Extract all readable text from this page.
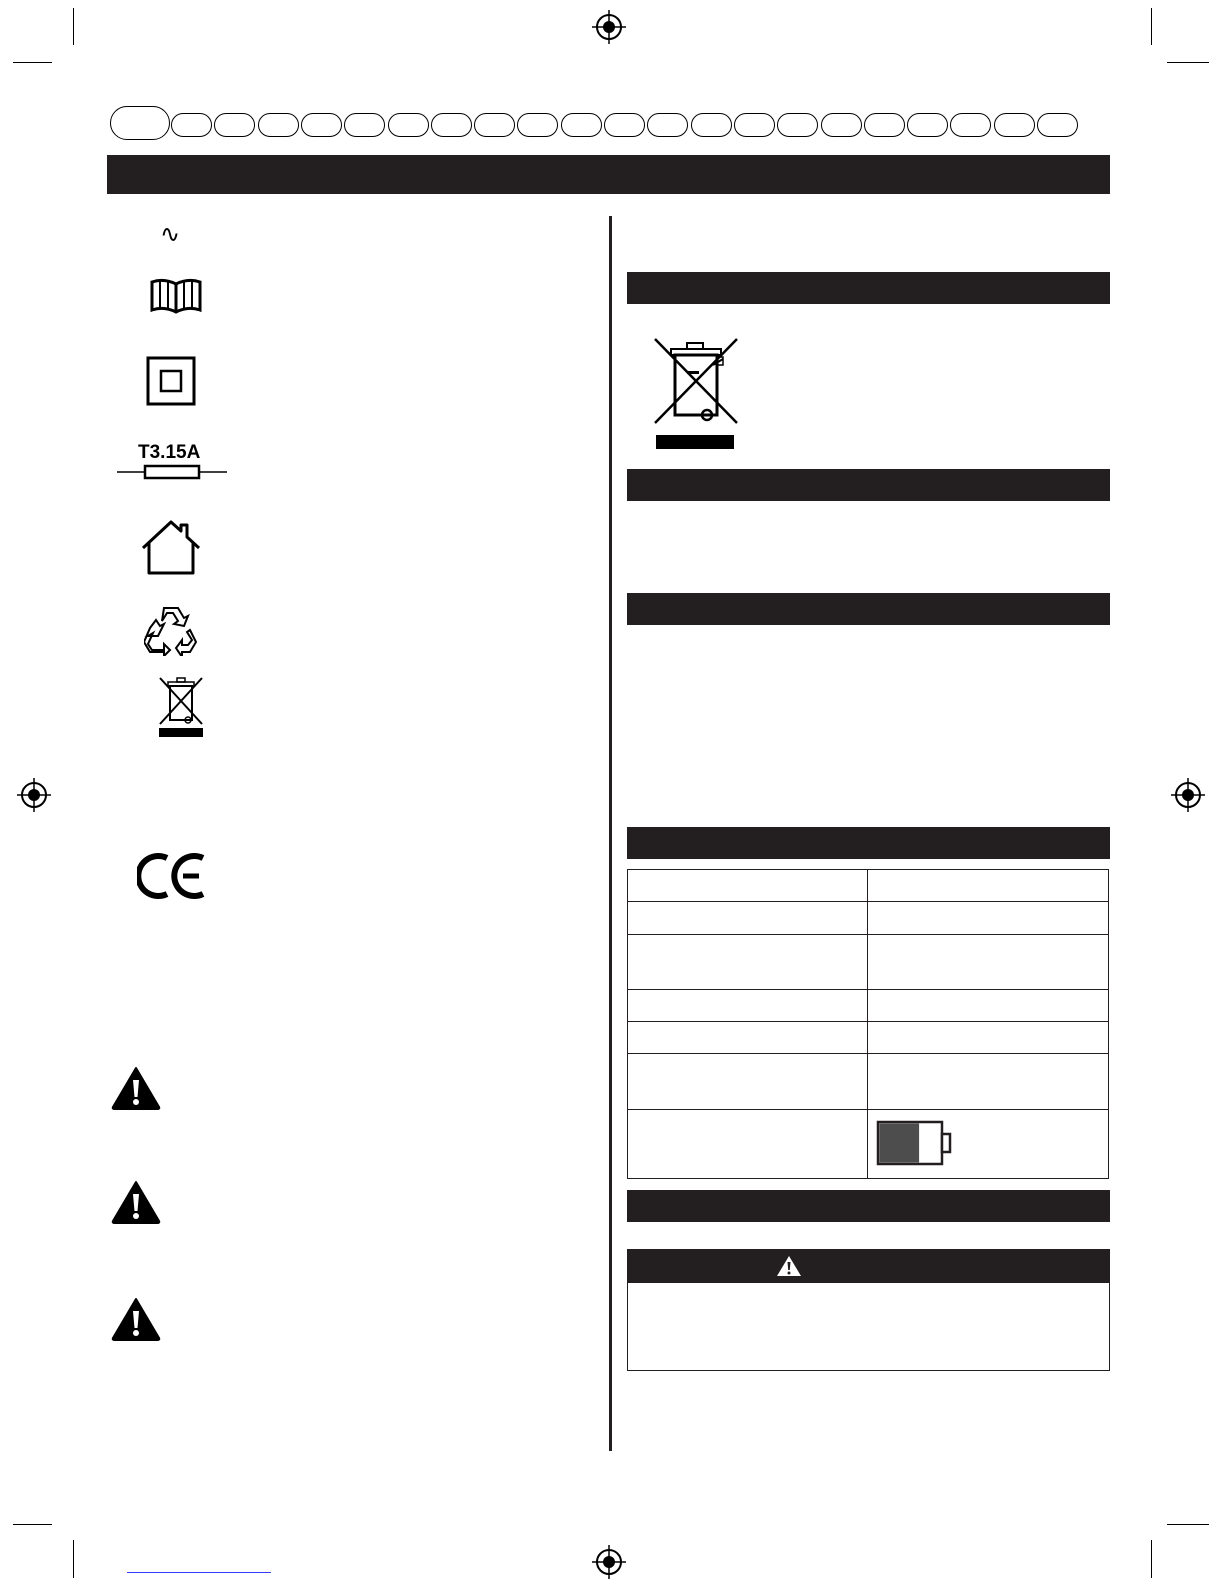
∿
T3.15A
